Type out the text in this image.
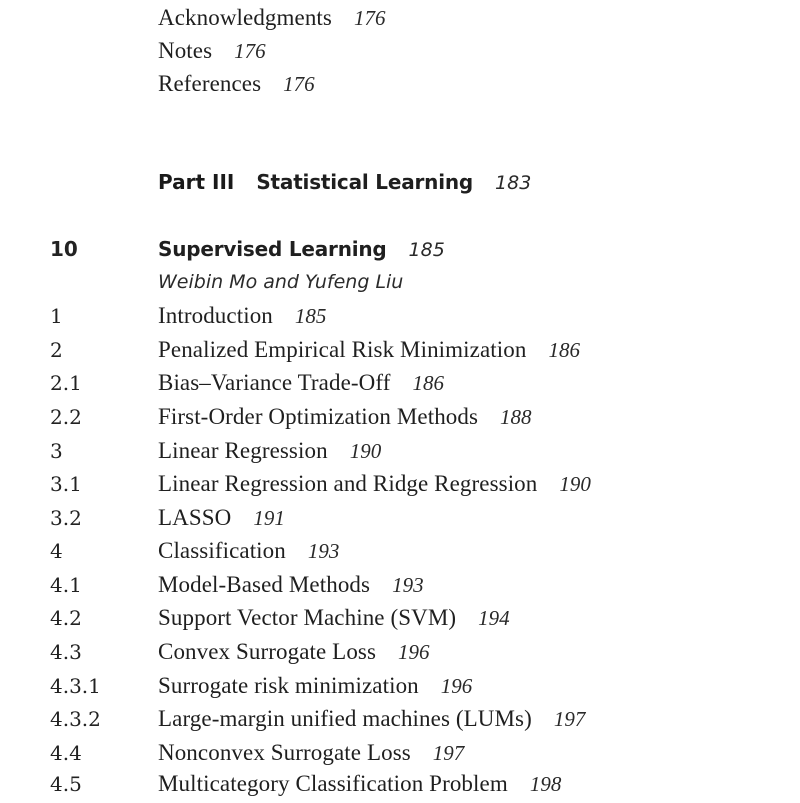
Acknowledgments 176
Notes 176
References 176
Part III Statistical Learning 183
10	Supervised Learning 185
Weibin Mo and Yufeng Liu
1	Introduction 185
2	Penalized Empirical Risk Minimization 186
2.1	Bias–Variance Trade-Off 186
2.2	First-Order Optimization Methods 188
3	Linear Regression 190
3.1	Linear Regression and Ridge Regression 190
3.2	LASSO 191
4	Classification 193
4.1	Model-Based Methods 193
4.2	Support Vector Machine (SVM) 194
4.3	Convex Surrogate Loss 196
4.3.1 Surrogate risk minimization 196
4.3.2 Large-margin unified machines (LUMs) 197
4.4	Nonconvex Surrogate Loss 197
4.5	Multicategory Classification Problem 198
